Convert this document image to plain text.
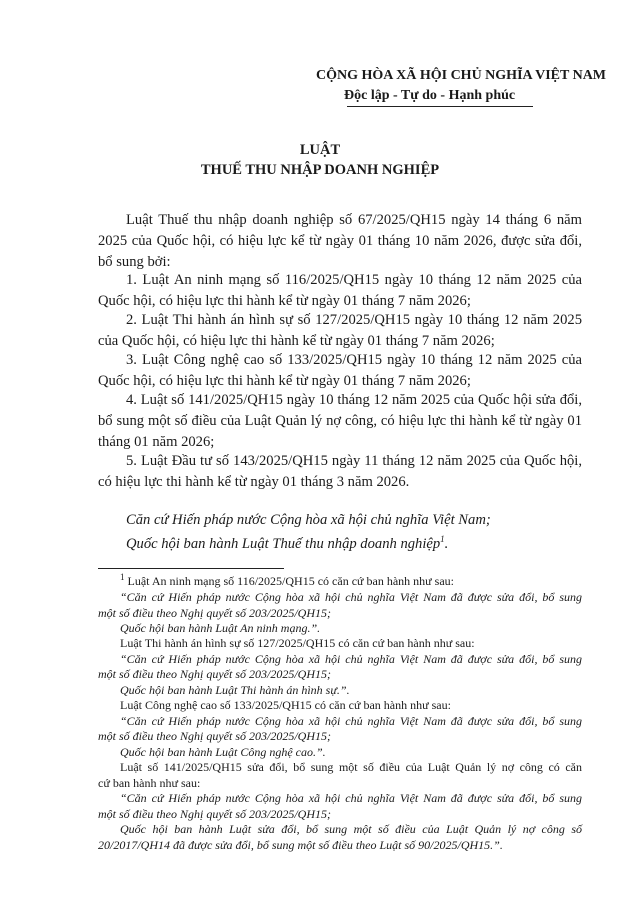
CỘNG HÒA XÃ HỘI CHỦ NGHĨA VIỆT NAM
Độc lập - Tự do - Hạnh phúc
LUẬT
THUẾ THU NHẬP DOANH NGHIỆP
Luật Thuế thu nhập doanh nghiệp số 67/2025/QH15 ngày 14 tháng 6 năm
2025 của Quốc hội, có hiệu lực kể từ ngày 01 tháng 10 năm 2026, được sửa đổi,
bổ sung bởi:
1. Luật An ninh mạng số 116/2025/QH15 ngày 10 tháng 12 năm 2025 của
Quốc hội, có hiệu lực thi hành kể từ ngày 01 tháng 7 năm 2026;
2. Luật Thi hành án hình sự số 127/2025/QH15 ngày 10 tháng 12 năm 2025
của Quốc hội, có hiệu lực thi hành kể từ ngày 01 tháng 7 năm 2026;
3. Luật Công nghệ cao số 133/2025/QH15 ngày 10 tháng 12 năm 2025 của
Quốc hội, có hiệu lực thi hành kể từ ngày 01 tháng 7 năm 2026;
4. Luật số 141/2025/QH15 ngày 10 tháng 12 năm 2025 của Quốc hội sửa đổi,
bổ sung một số điều của Luật Quản lý nợ công, có hiệu lực thi hành kể từ ngày 01
tháng 01 năm 2026;
5. Luật Đầu tư số 143/2025/QH15 ngày 11 tháng 12 năm 2025 của Quốc hội,
có hiệu lực thi hành kể từ ngày 01 tháng 3 năm 2026.
Căn cứ Hiến pháp nước Cộng hòa xã hội chủ nghĩa Việt Nam;
Quốc hội ban hành Luật Thuế thu nhập doanh nghiệp$^1$.
$^1$ Luật An ninh mạng số 116/2025/QH15 có căn cứ ban hành như sau:
“Căn cứ Hiến pháp nước Cộng hòa xã hội chủ nghĩa Việt Nam đã được sửa đổi, bổ sung
một số điều theo Nghị quyết số 203/2025/QH15;
Quốc hội ban hành Luật An ninh mạng.”.
Luật Thi hành án hình sự số 127/2025/QH15 có căn cứ ban hành như sau:
“Căn cứ Hiến pháp nước Cộng hòa xã hội chủ nghĩa Việt Nam đã được sửa đổi, bổ sung
một số điều theo Nghị quyết số 203/2025/QH15;
Quốc hội ban hành Luật Thi hành án hình sự.”.
Luật Công nghệ cao số 133/2025/QH15 có căn cứ ban hành như sau:
“Căn cứ Hiến pháp nước Cộng hòa xã hội chủ nghĩa Việt Nam đã được sửa đổi, bổ sung
một số điều theo Nghị quyết số 203/2025/QH15;
Quốc hội ban hành Luật Công nghệ cao.”.
Luật số 141/2025/QH15 sửa đổi, bổ sung một số điều của Luật Quản lý nợ công có căn
cứ ban hành như sau:
“Căn cứ Hiến pháp nước Cộng hòa xã hội chủ nghĩa Việt Nam đã được sửa đổi, bổ sung
một số điều theo Nghị quyết số 203/2025/QH15;
Quốc hội ban hành Luật sửa đổi, bổ sung một số điều của Luật Quản lý nợ công số
20/2017/QH14 đã được sửa đổi, bổ sung một số điều theo Luật số 90/2025/QH15.”.
